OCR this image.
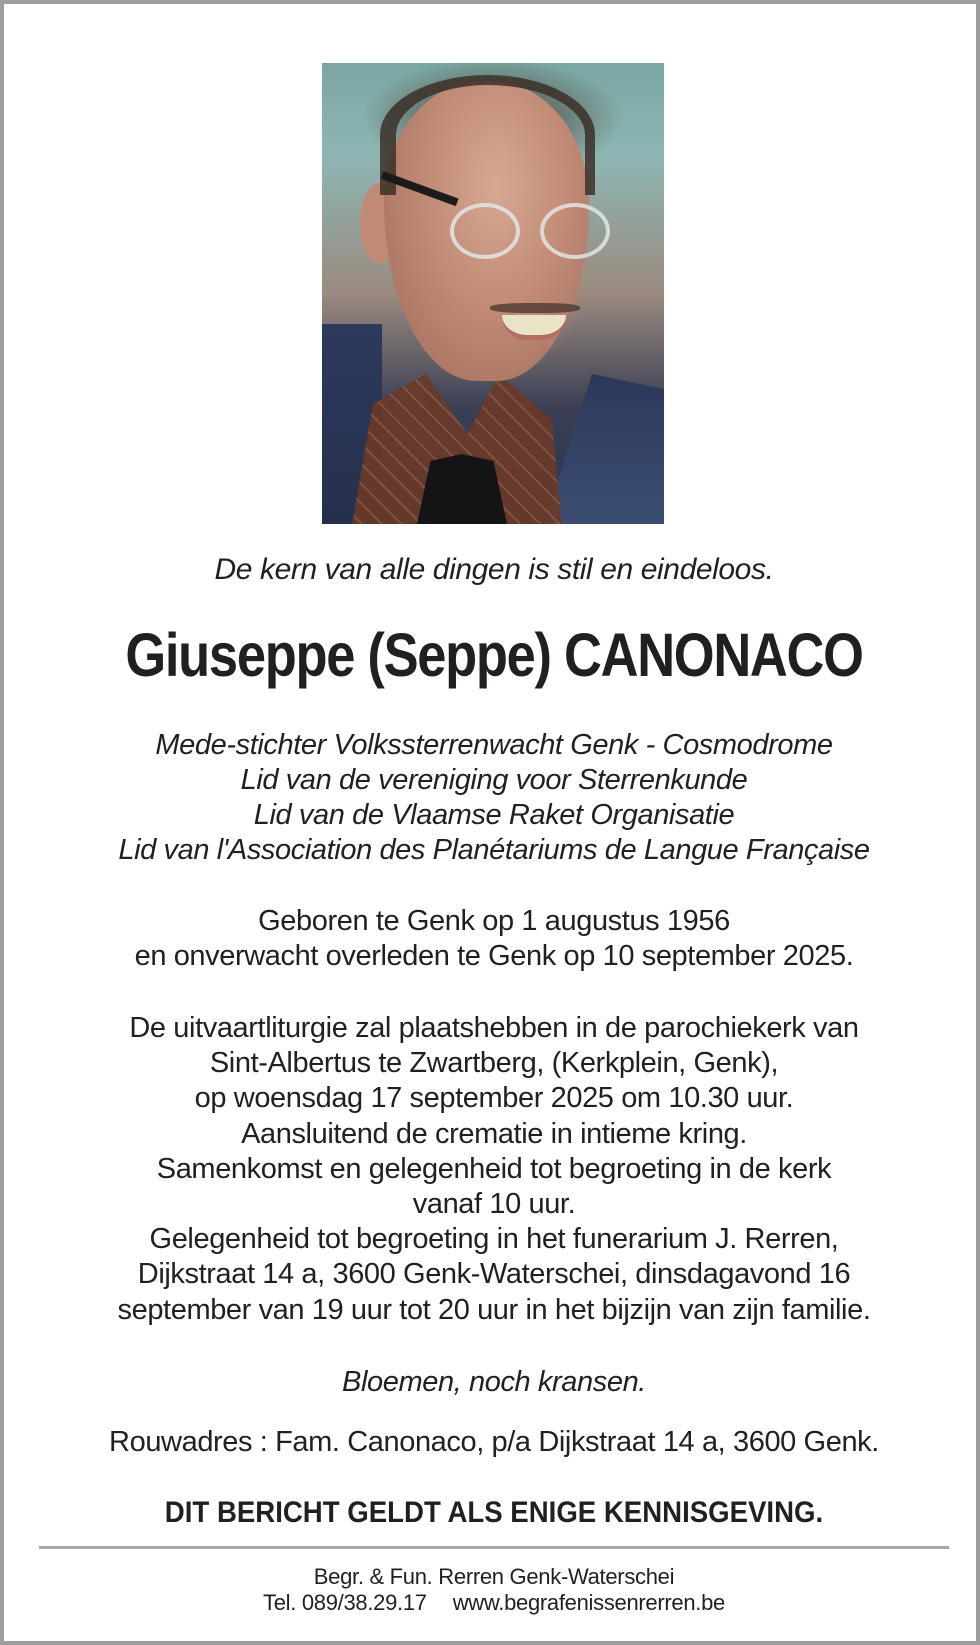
De kern van alle dingen is stil en eindeloos.
Giuseppe (Seppe) CANONACO
Mede-stichter Volkssterrenwacht Genk - Cosmodrome
Lid van de vereniging voor Sterrenkunde
Lid van de Vlaamse Raket Organisatie
Lid van l'Association des Planétariums de Langue Française
Geboren te Genk op 1 augustus 1956
en onverwacht overleden te Genk op 10 september 2025.
De uitvaartliturgie zal plaatshebben in de parochiekerk van
Sint-Albertus te Zwartberg, (Kerkplein, Genk),
op woensdag 17 september 2025 om 10.30 uur.
Aansluitend de crematie in intieme kring.
Samenkomst en gelegenheid tot begroeting in de kerk
vanaf 10 uur.
Gelegenheid tot begroeting in het funerarium J. Rerren,
Dijkstraat 14 a, 3600 Genk-Waterschei, dinsdagavond 16
september van 19 uur tot 20 uur in het bijzijn van zijn familie.
Bloemen, noch kransen.
Rouwadres : Fam. Canonaco, p/a Dijkstraat 14 a, 3600 Genk.
DIT BERICHT GELDT ALS ENIGE KENNISGEVING.
Begr. & Fun. Rerren Genk-Waterschei
Tel. 089/38.29.17 www.begrafenissenrerren.be
